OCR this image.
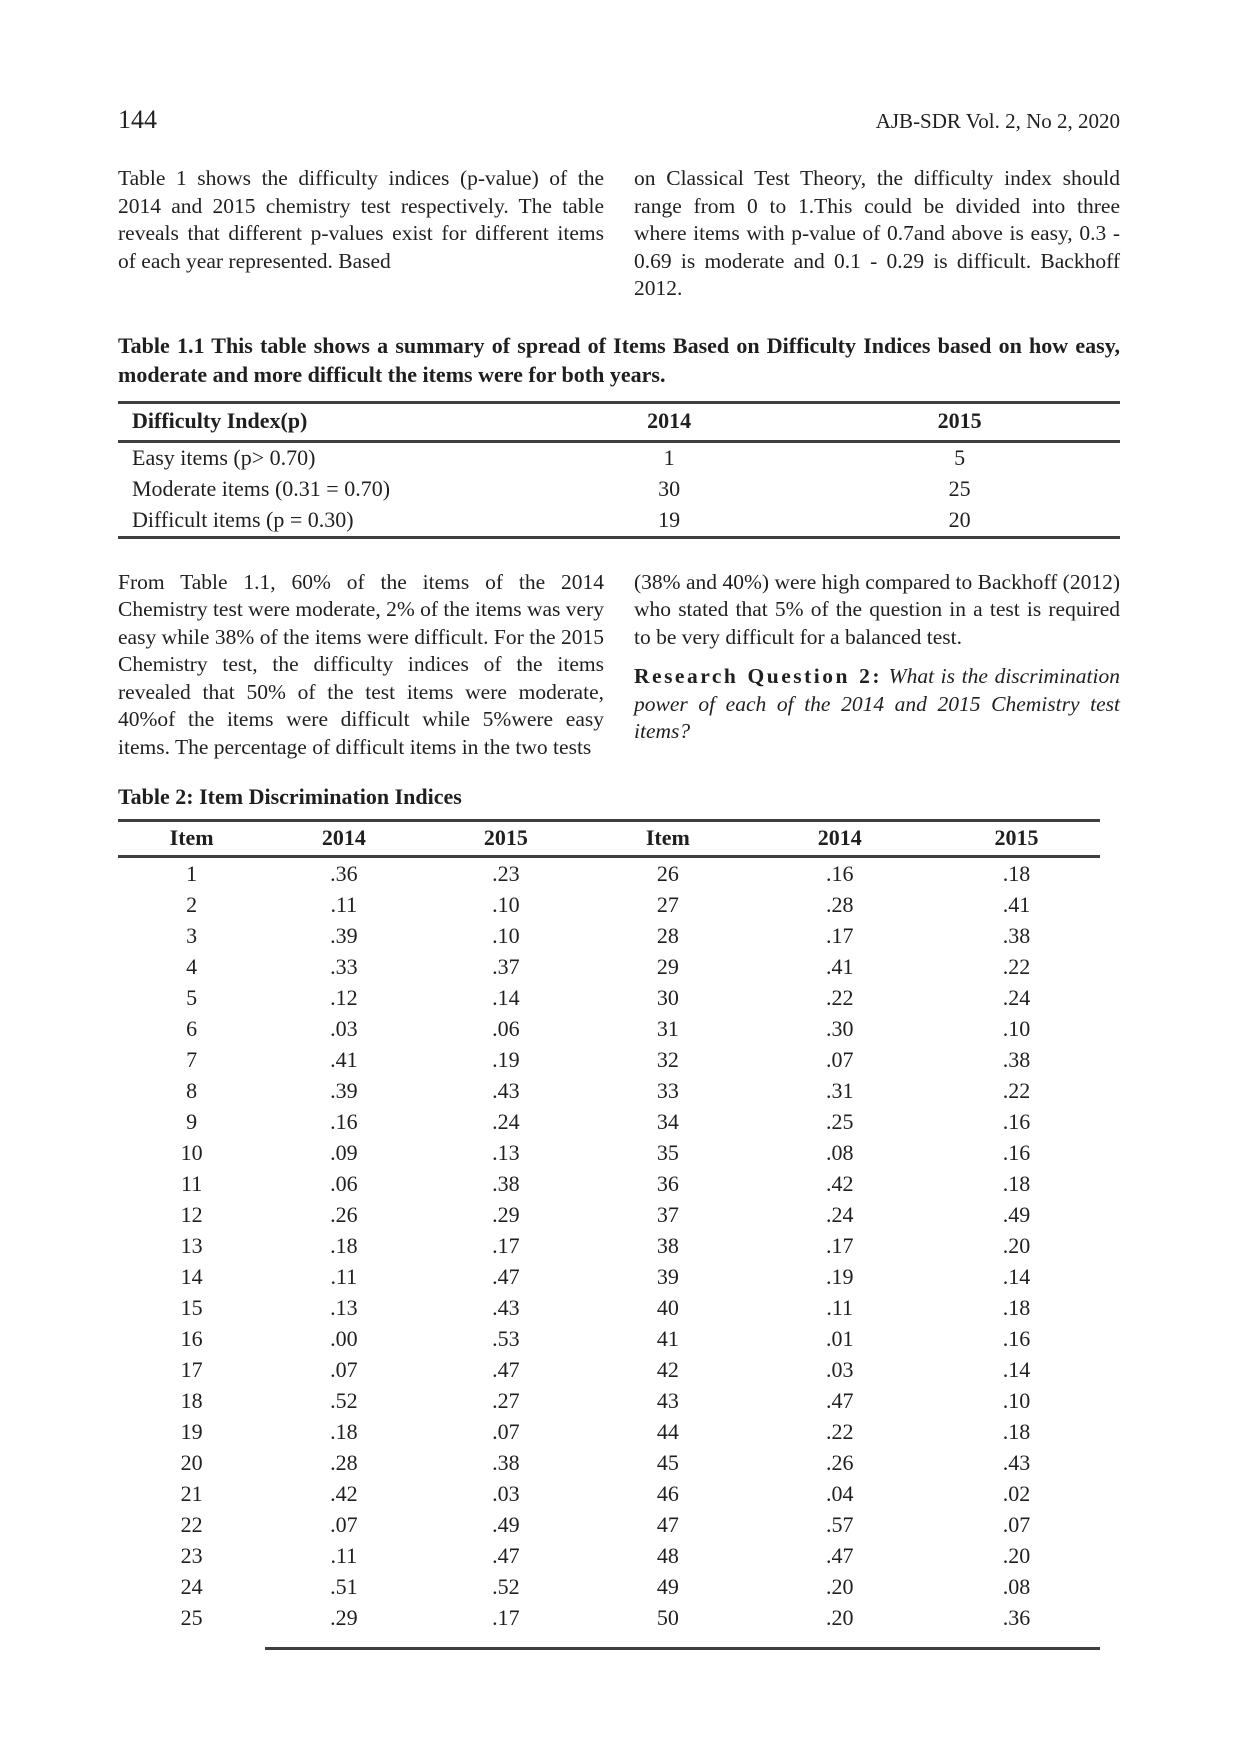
144	AJB-SDR Vol. 2, No 2, 2020

Table 1 shows the difficulty indices (p-value) of the 2014 and 2015 chemistry test respectively. The table reveals that different p-values exist for different items of each year represented. Based

on Classical Test Theory, the difficulty index should range from 0 to 1.This could be divided into three where items with p-value of 0.7and above is easy, 0.3 - 0.69 is moderate and 0.1 - 0.29 is difficult. Backhoff 2012.

Table 1.1 This table shows a summary of spread of Items Based on Difficulty Indices based on how easy, moderate and more difficult the items were for both years.

Difficulty Index(p)	2014	2015
Easy items (p> 0.70)	1	5
Moderate items (0.31 = 0.70)	30	25
Difficult items (p = 0.30)	19	20

From Table 1.1, 60% of the items of the 2014 Chemistry test were moderate, 2% of the items was very easy while 38% of the items were difficult. For the 2015 Chemistry test, the difficulty indices of the items revealed that 50% of the test items were moderate, 40%of the items were difficult while 5%were easy items. The percentage of difficult items in the two tests

(38% and 40%) were high compared to Backhoff (2012) who stated that 5% of the question in a test is required to be very difficult for a balanced test.

Research Question 2: What is the discrimination power of each of the 2014 and 2015 Chemistry test items?

Table 2: Item Discrimination Indices

Item	2014	2015	Item	2014	2015
1	.36	.23	26	.16	.18
2	.11	.10	27	.28	.41
3	.39	.10	28	.17	.38
4	.33	.37	29	.41	.22
5	.12	.14	30	.22	.24
6	.03	.06	31	.30	.10
7	.41	.19	32	.07	.38
8	.39	.43	33	.31	.22
9	.16	.24	34	.25	.16
10	.09	.13	35	.08	.16
11	.06	.38	36	.42	.18
12	.26	.29	37	.24	.49
13	.18	.17	38	.17	.20
14	.11	.47	39	.19	.14
15	.13	.43	40	.11	.18
16	.00	.53	41	.01	.16
17	.07	.47	42	.03	.14
18	.52	.27	43	.47	.10
19	.18	.07	44	.22	.18
20	.28	.38	45	.26	.43
21	.42	.03	46	.04	.02
22	.07	.49	47	.57	.07
23	.11	.47	48	.47	.20
24	.51	.52	49	.20	.08
25	.29	.17	50	.20	.36
